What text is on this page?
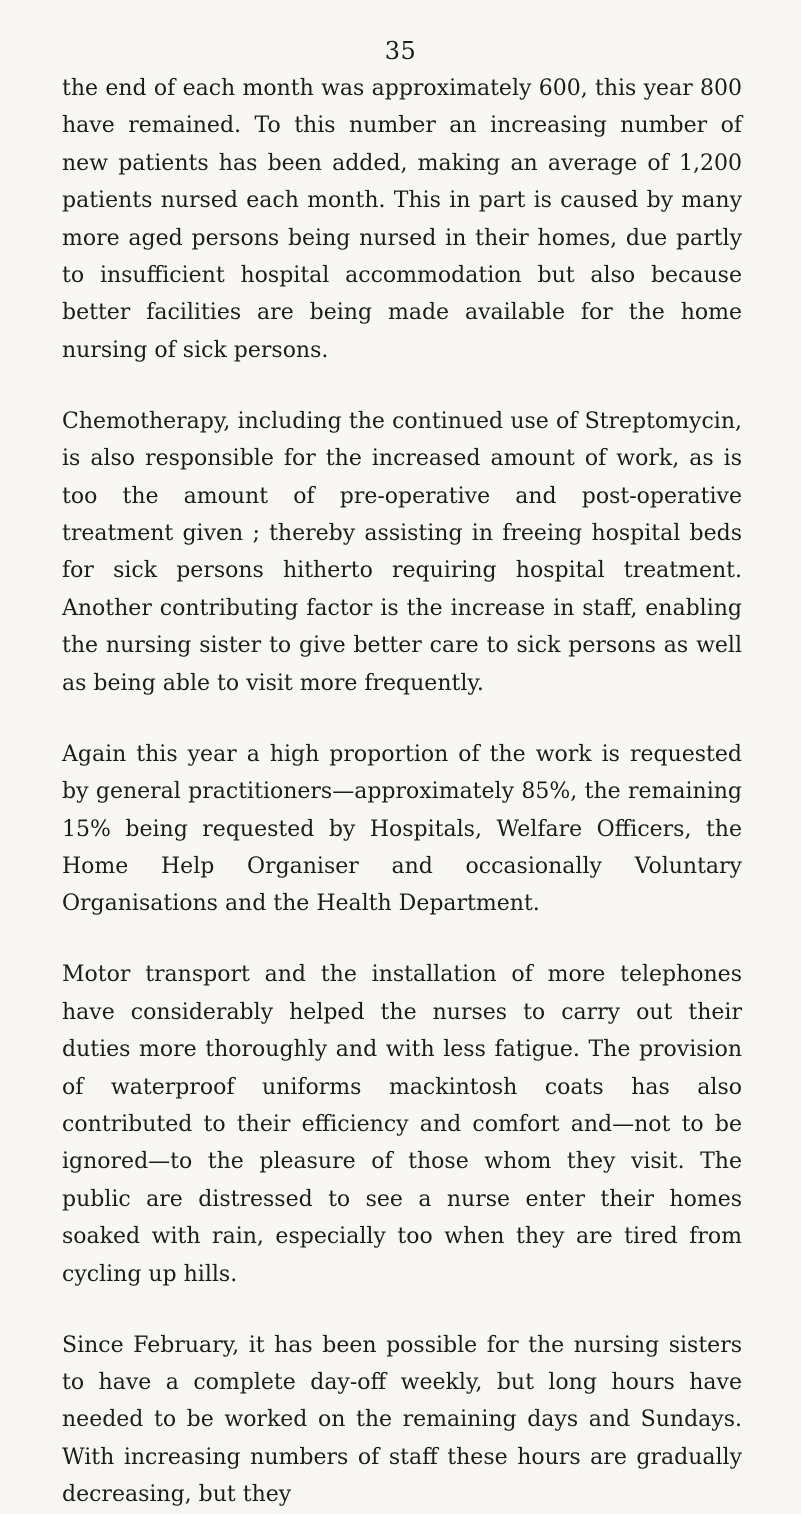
35

the end of each month was approximately 600, this year 800 have remained. To this number an increasing number of new patients has been added, making an average of 1,200 patients nursed each month. This in part is caused by many more aged persons being nursed in their homes, due partly to insufficient hospital accommodation but also because better facilities are being made available for the home nursing of sick persons.

Chemotherapy, including the continued use of Streptomycin, is also responsible for the increased amount of work, as is too the amount of pre-operative and post-operative treatment given ; thereby assisting in freeing hospital beds for sick persons hitherto requiring hospital treatment. Another contributing factor is the increase in staff, enabling the nursing sister to give better care to sick persons as well as being able to visit more frequently.

Again this year a high proportion of the work is requested by general practitioners—approximately 85%, the remaining 15% being requested by Hospitals, Welfare Officers, the Home Help Organiser and occasionally Voluntary Organisations and the Health Department.

Motor transport and the installation of more telephones have considerably helped the nurses to carry out their duties more thoroughly and with less fatigue. The provision of waterproof uniforms mackintosh coats has also contributed to their efficiency and comfort and—not to be ignored—to the pleasure of those whom they visit. The public are distressed to see a nurse enter their homes soaked with rain, especially too when they are tired from cycling up hills.

Since February, it has been possible for the nursing sisters to have a complete day-off weekly, but long hours have needed to be worked on the remaining days and Sundays. With increasing numbers of staff these hours are gradually decreasing, but they
